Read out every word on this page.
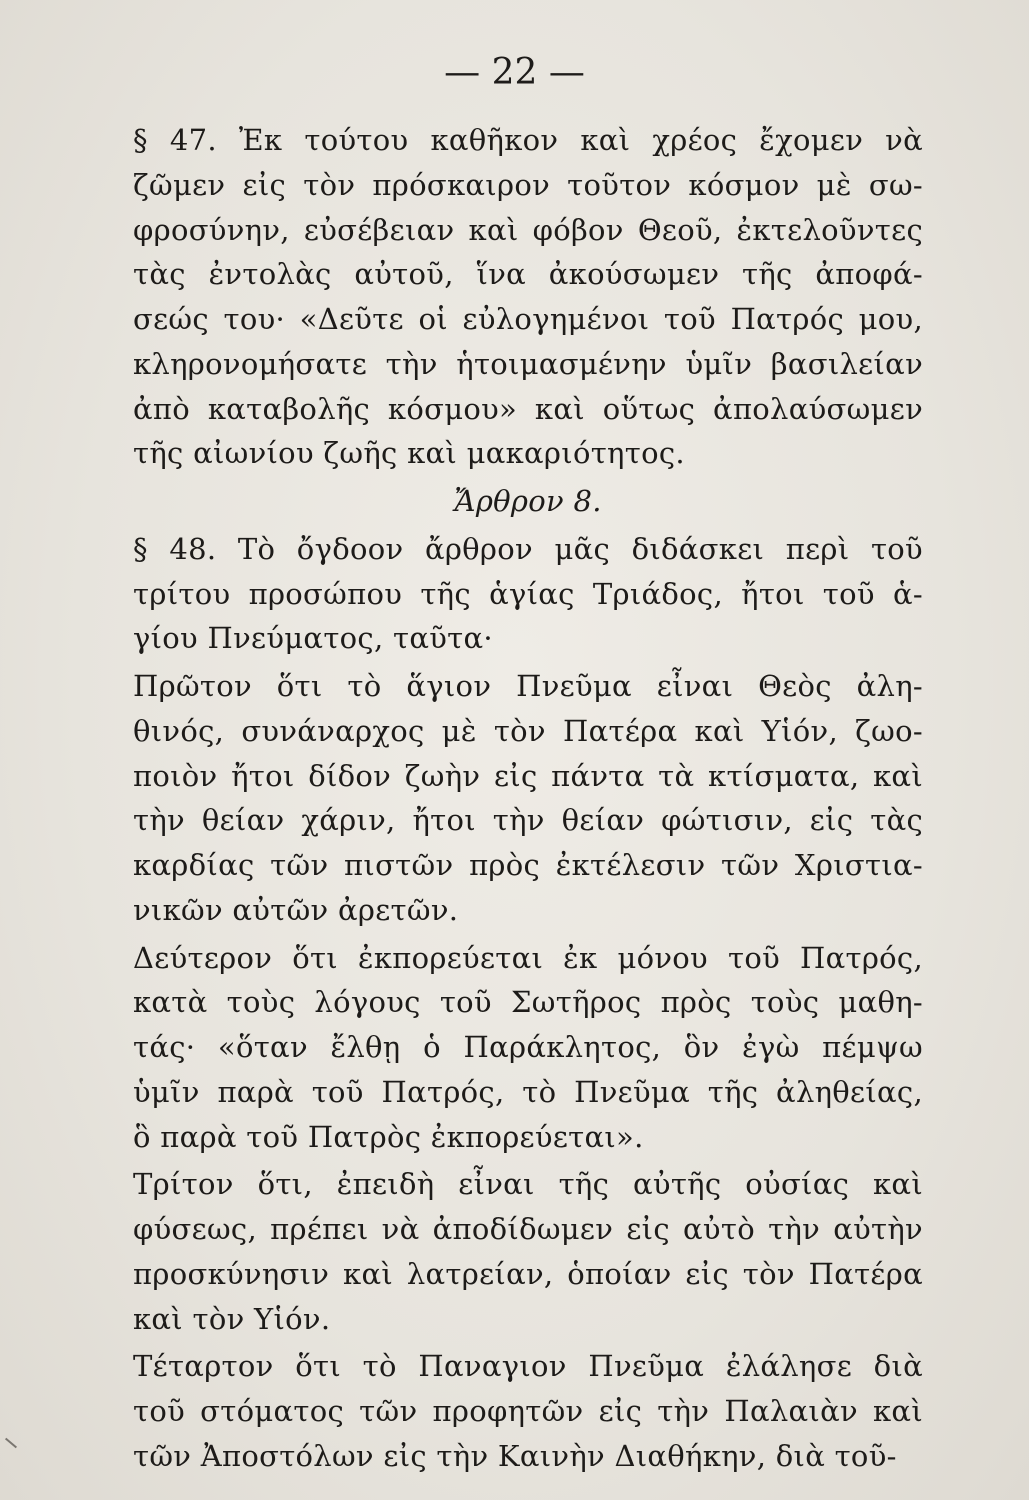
— 22 —
§ 47. Ἐκ τούτου καθῆκον καὶ χρέος ἔχομεν νὰ
ζῶμεν εἰς τὸν πρόσκαιρον τοῦτον κόσμον μὲ σω-
φροσύνην, εὐσέβειαν καὶ φόβον Θεοῦ, ἐκτελοῦντες
τὰς ἐντολὰς αὐτοῦ, ἵνα ἀκούσωμεν τῆς ἀποφά-
σεώς του· «Δεῦτε οἱ εὐλογημένοι τοῦ Πατρός μου,
κληρονομήσατε τὴν ἡτοιμασμένην ὑμῖν βασιλείαν
ἀπὸ καταβολῆς κόσμου» καὶ οὕτως ἀπολαύσωμεν
τῆς αἰωνίου ζωῆς καὶ μακαριότητος.
Ἄρθρον 8.
§ 48. Τὸ ὄγδοον ἄρθρον μᾶς διδάσκει περὶ τοῦ
τρίτου προσώπου τῆς ἁγίας Τριάδος, ἤτοι τοῦ ἁ-
γίου Πνεύματος, ταῦτα·
Πρῶτον ὅτι τὸ ἅγιον Πνεῦμα εἶναι Θεὸς ἀλη-
θινός, συνάναρχος μὲ τὸν Πατέρα καὶ Υἱόν, ζωο-
ποιὸν ἤτοι δίδον ζωὴν εἰς πάντα τὰ κτίσματα, καὶ
τὴν θείαν χάριν, ἤτοι τὴν θείαν φώτισιν, εἰς τὰς
καρδίας τῶν πιστῶν πρὸς ἐκτέλεσιν τῶν Χριστια-
νικῶν αὐτῶν ἀρετῶν.
Δεύτερον ὅτι ἐκπορεύεται ἐκ μόνου τοῦ Πατρός,
κατὰ τοὺς λόγους τοῦ Σωτῆρος πρὸς τοὺς μαθη-
τάς· «ὅταν ἔλθῃ ὁ Παράκλητος, ὃν ἐγὼ πέμψω
ὑμῖν παρὰ τοῦ Πατρός, τὸ Πνεῦμα τῆς ἀληθείας,
ὃ παρὰ τοῦ Πατρὸς ἐκπορεύεται».
Τρίτον ὅτι, ἐπειδὴ εἶναι τῆς αὐτῆς οὐσίας καὶ
φύσεως, πρέπει νὰ ἀποδίδωμεν εἰς αὐτὸ τὴν αὐτὴν
προσκύνησιν καὶ λατρείαν, ὁποίαν εἰς τὸν Πατέρα
καὶ τὸν Υἱόν.
Τέταρτον ὅτι τὸ Παναγιον Πνεῦμα ἐλάλησε διὰ
τοῦ στόματος τῶν προφητῶν εἰς τὴν Παλαιὰν καὶ
τῶν Ἀποστόλων εἰς τὴν Καινὴν Διαθήκην, διὰ τοῦ-
